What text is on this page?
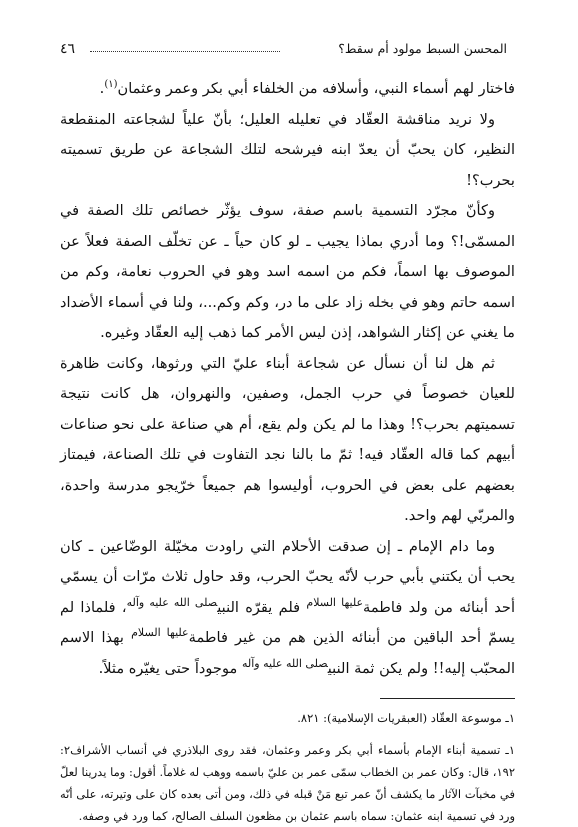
المحسن السبط مولود أم سقط؟
٤٦

فاختار لهم أسماء النبي، وأسلافه من الخلفاء أبي بكر وعمر وعثمان$^{(١)}$.

ولا نريد مناقشة العقّاد في تعليله العليل؛ بأنّ علياً لشجاعته المنقطعة النظير، كان يحبّ أن يعدّ ابنه فيرشحه لتلك الشجاعة عن طريق تسميته بحرب؟!

وكأنّ مجرّد التسمية باسم صفة، سوف يؤثّر خصائص تلك الصفة في المسمّى!؟ وما أدري بماذا يجيب ـ لو كان حياً ـ عن تخلّف الصفة فعلاً عن الموصوف بها اسماً، فكم من اسمه اسد وهو في الحروب نعامة، وكم من اسمه حاتم وهو في بخله زاد على ما در، وكم وكم...، ولنا في أسماء الأضداد ما يغني عن إكثار الشواهد، إذن ليس الأمر كما ذهب إليه العقّاد وغيره.

ثم هل لنا أن نسأل عن شجاعة أبناء عليّ التي ورثوها، وكانت ظاهرة للعيان خصوصاً في حرب الجمل، وصفين، والنهروان، هل كانت نتيجة تسميتهم بحرب؟! وهذا ما لم يكن ولم يقع، أم هي صناعة على نحو صناعات أبيهم كما قاله العقّاد فيه! ثمّ ما بالنا نجد التفاوت في تلك الصناعة، فيمتاز بعضهم على بعض في الحروب، أوليسوا هم جميعاً خرّيجو مدرسة واحدة، والمربّي لهم واحد.

وما دام الإمام ـ إن صدقت الأحلام التي راودت مخيّلة الوضّاعين ـ كان يحب أن يكتني بأبي حرب لأنّه يحبّ الحرب، وقد حاول ثلاث مرّات أن يسمّي أحد أبنائه من ولد فاطمة$^{عليها السلام}$ فلم يقرّه النبي$^{صلى الله عليه وآله}$، فلماذا لم يسمّ أحد الباقين من أبنائه الذين هم من غير فاطمة$^{عليها السلام}$ بهذا الاسم المحبّب إليه!! ولم يكن ثمة النبي$^{صلى الله عليه وآله}$ موجوداً حتى يغيّره مثلاً.

١ـ موسوعة العقّاد (العبقريات الإسلامية): ٨٢١.

١ـ تسمية أبناء الإمام بأسماء أبي بكر وعمر وعثمان، فقد روى البلاذري في أنساب الأشراف٢: ١٩٢، قال: وكان عمر بن الخطاب سمّى عمر بن عليّ باسمه ووهب له غلاماً. أقول: وما يدرينا لعلّ في مخبآت الآثار ما يكشف أنّ عمر تبع مَنْ قبله في ذلك، ومن أتى بعده كان على وتيرته، على أنّه ورد في تسمية ابنه عثمان: سماه باسم عثمان بن مظعون السلف الصالح، كما ورد في وصفه.
